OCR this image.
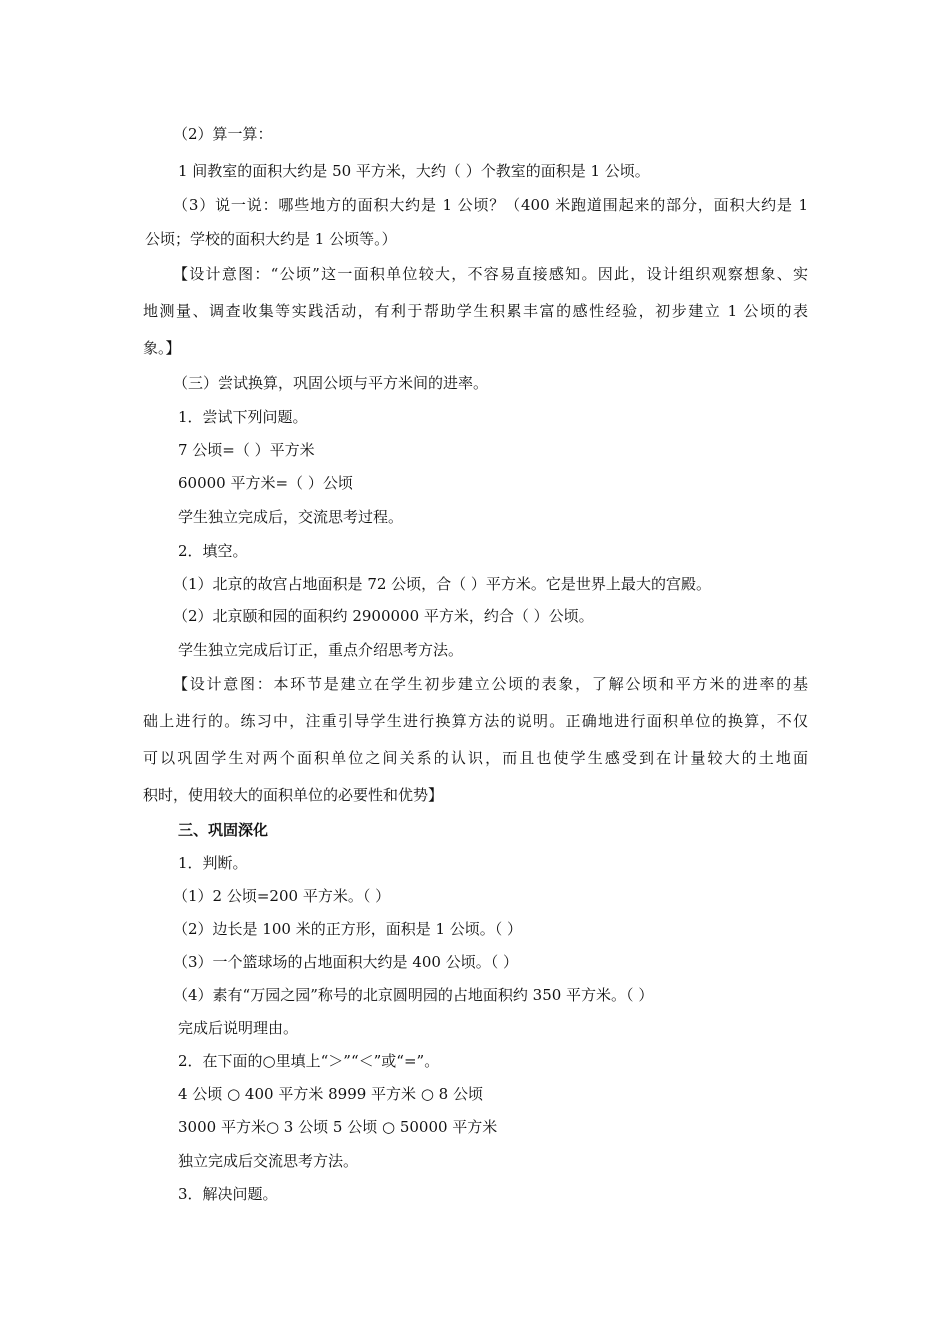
（2）算一算：
1 间教室的面积大约是 50 平方米，大约（ ）个教室的面积是 1 公顷。
（3）说一说：哪些地方的面积大约是 1 公顷？（400 米跑道围起来的部分，面积大约是 1
公顷；学校的面积大约是 1 公顷等。）
【设计意图：“公顷”这一面积单位较大，不容易直接感知。因此，设计组织观察想象、实
地测量、调查收集等实践活动，有利于帮助学生积累丰富的感性经验，初步建立 1 公顷的表
象。】
（三）尝试换算，巩固公顷与平方米间的进率。
1．尝试下列问题。
7 公顷=（ ）平方米
60000 平方米=（ ）公顷
学生独立完成后，交流思考过程。
2．填空。
（1）北京的故宫占地面积是 72 公顷，合（ ）平方米。它是世界上最大的宫殿。
（2）北京颐和园的面积约 2900000 平方米，约合（ ）公顷。
学生独立完成后订正，重点介绍思考方法。
【设计意图：本环节是建立在学生初步建立公顷的表象，了解公顷和平方米的进率的基
础上进行的。练习中，注重引导学生进行换算方法的说明。正确地进行面积单位的换算，不仅
可以巩固学生对两个面积单位之间关系的认识，而且也使学生感受到在计量较大的土地面
积时，使用较大的面积单位的必要性和优势】
三、巩固深化
1．判断。
（1）2 公顷=200 平方米。（ ）
（2）边长是 100 米的正方形，面积是 1 公顷。（ ）
（3）一个篮球场的占地面积大约是 400 公顷。（ ）
（4）素有“万园之园”称号的北京圆明园的占地面积约 350 平方米。（ ）
完成后说明理由。
2．在下面的○里填上“＞”“＜”或“=”。
4 公顷 ○ 400 平方米 8999 平方米 ○ 8 公顷
3000 平方米○ 3 公顷 5 公顷 ○ 50000 平方米
独立完成后交流思考方法。
3．解决问题。
